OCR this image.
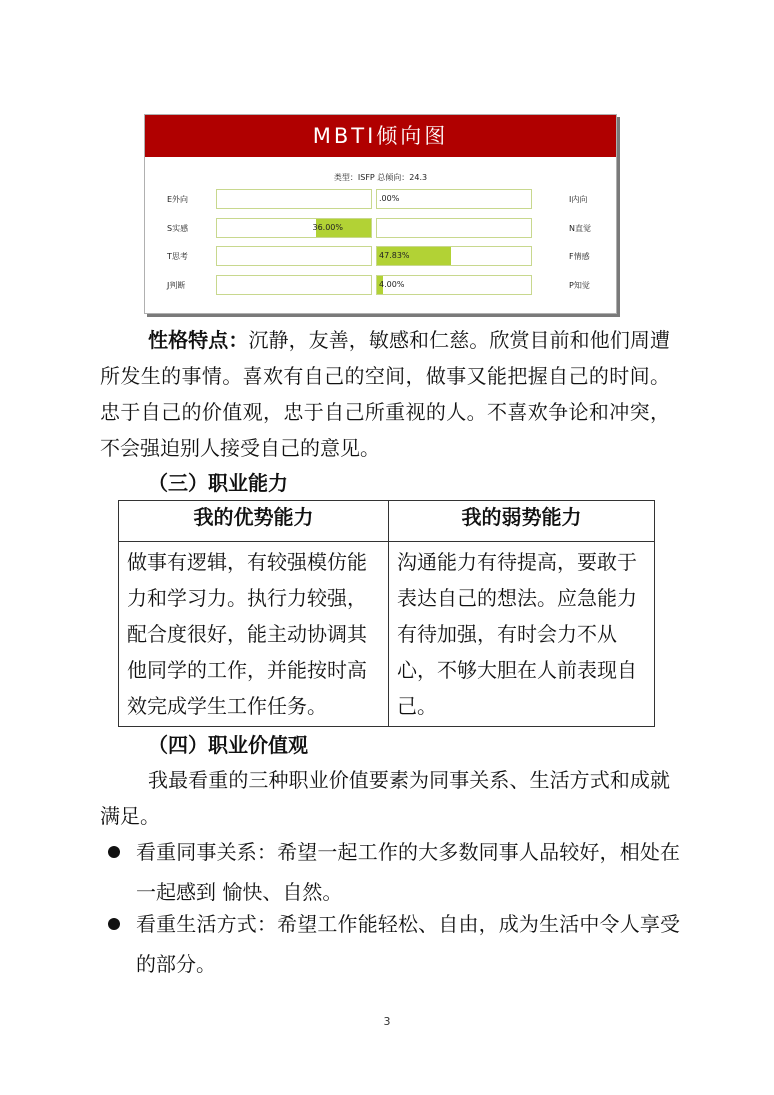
MBTI倾向图
类型：ISFP 总倾向：24.3
E外向	.00%	I内向
S实感	36.00%	N直觉
T思考	47.83%	F情感
J判断	4.00%	P知觉

性格特点：沉静，友善，敏感和仁慈。欣赏目前和他们周遭所发生的事情。喜欢有自己的空间，做事又能把握自己的时间。忠于自己的价值观，忠于自己所重视的人。不喜欢争论和冲突，不会强迫别人接受自己的意见。

（三）职业能力
我的优势能力	我的弱势能力
做事有逻辑，有较强模仿能力和学习力。执行力较强，配合度很好，能主动协调其他同学的工作，并能按时高效完成学生工作任务。	沟通能力有待提高，要敢于表达自己的想法。应急能力有待加强，有时会力不从心，不够大胆在人前表现自己。
（四）职业价值观

我最看重的三种职业价值要素为同事关系、生活方式和成就满足。

看重同事关系：希望一起工作的大多数同事人品较好，相处在一起感到 愉快、自然。
看重生活方式：希望工作能轻松、自由，成为生活中令人享受的部分。
3
